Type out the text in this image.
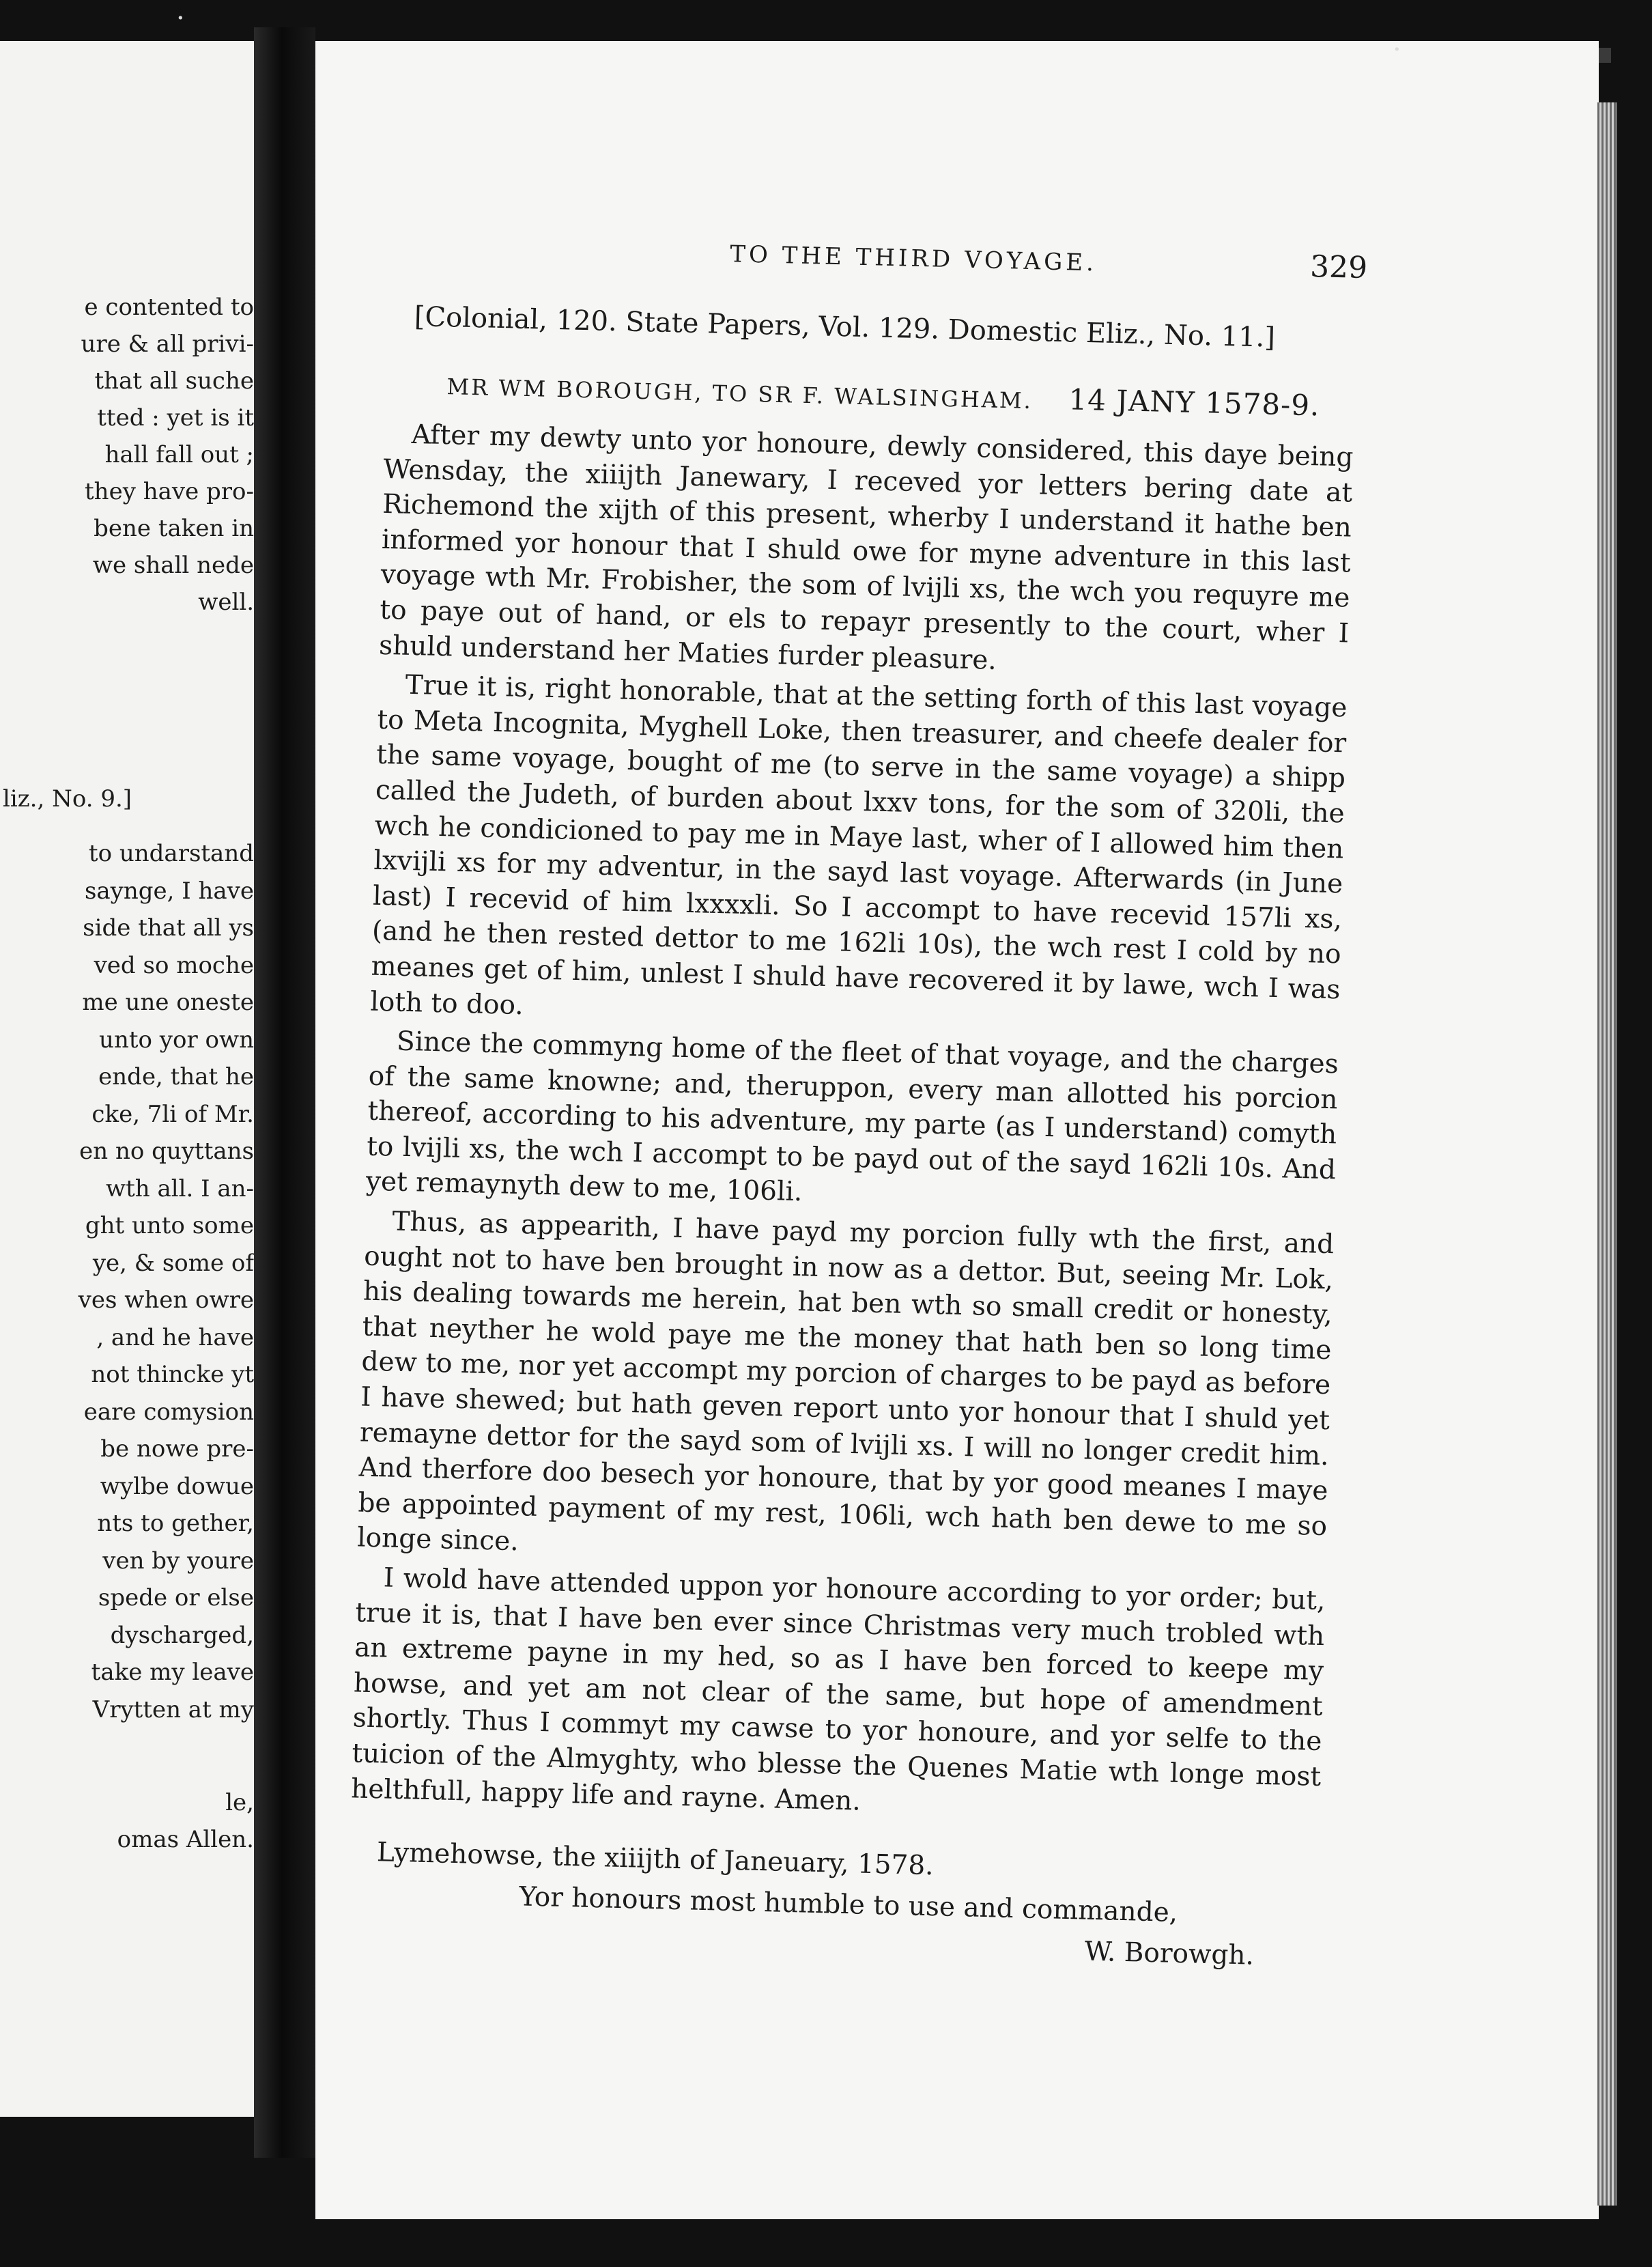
e contented to
ure & all privi-
that all suche
tted : yet is it
hall fall out ;
they have pro-
bene taken in
we shall nede
well.
liz., No. 9.]
to undarstand
saynge, I have
side that all ys
ved so moche
me une oneste
unto yor own
ende, that he
cke, 7li of Mr.
en no quyttans
wth all. I an-
ght unto some
ye, & some of
ves when owre
, and he have
not thincke yt
eare comysion
be nowe pre-
wylbe dowue
nts to gether,
ven by youre
spede or else
dyscharged,
take my leave
Vrytten at my
le,
omas Allen.
·
·
TO THE THIRD VOYAGE.	329
[Colonial, 120. State Papers, Vol. 129. Domestic Eliz., No. 11.]
MR WM BOROUGH, TO SR F. WALSINGHAM. 14 JANY 1578-9.

After my dewty unto yor honoure, dewly considered, this daye being Wensday, the xiiijth Janewary, I receved yor letters bering date at Richemond the xijth of this present, wherby I understand it hathe ben informed yor honour that I shuld owe for myne adventure in this last voyage wth Mr. Frobisher, the som of lvijli xs, the wch you requyre me to paye out of hand, or els to repayr presently to the court, wher I shuld understand her Maties furder pleasure.

True it is, right honorable, that at the setting forth of this last voyage to Meta Incognita, Myghell Loke, then treasurer, and cheefe dealer for the same voyage, bought of me (to serve in the same voyage) a shipp called the Judeth, of burden about lxxv tons, for the som of 320li, the wch he condicioned to pay me in Maye last, wher of I allowed him then lxvijli xs for my adventur, in the sayd last voyage. Afterwards (in June last) I recevid of him lxxxxli. So I accompt to have recevid 157li xs, (and he then rested dettor to me 162li 10s), the wch rest I cold by no meanes get of him, unlest I shuld have recovered it by lawe, wch I was loth to doo.

Since the commyng home of the fleet of that voyage, and the charges of the same knowne; and, theruppon, every man allotted his porcion thereof, according to his adventure, my parte (as I understand) comyth to lvijli xs, the wch I accompt to be payd out of the sayd 162li 10s. And yet remaynyth dew to me, 106li.

Thus, as appearith, I have payd my porcion fully wth the first, and ought not to have ben brought in now as a dettor. But, seeing Mr. Lok, his dealing towards me herein, hat ben wth so small credit or honesty, that neyther he wold paye me the money that hath ben so long time dew to me, nor yet accompt my porcion of charges to be payd as before I have shewed; but hath geven report unto yor honour that I shuld yet remayne dettor for the sayd som of lvijli xs. I will no longer credit him. And therfore doo besech yor honoure, that by yor good meanes I maye be appointed payment of my rest, 106li, wch hath ben dewe to me so longe since.

I wold have attended uppon yor honoure according to yor order; but, true it is, that I have ben ever since Christmas very much trobled wth an extreme payne in my hed, so as I have ben forced to keepe my howse, and yet am not clear of the same, but hope of amendment shortly. Thus I commyt my cawse to yor honoure, and yor selfe to the tuicion of the Almyghty, who blesse the Quenes Matie wth longe most helthfull, happy life and rayne. Amen.

Lymehowse, the xiiijth of Janeuary, 1578.
Yor honours most humble to use and commande,
W. Borowgh.
